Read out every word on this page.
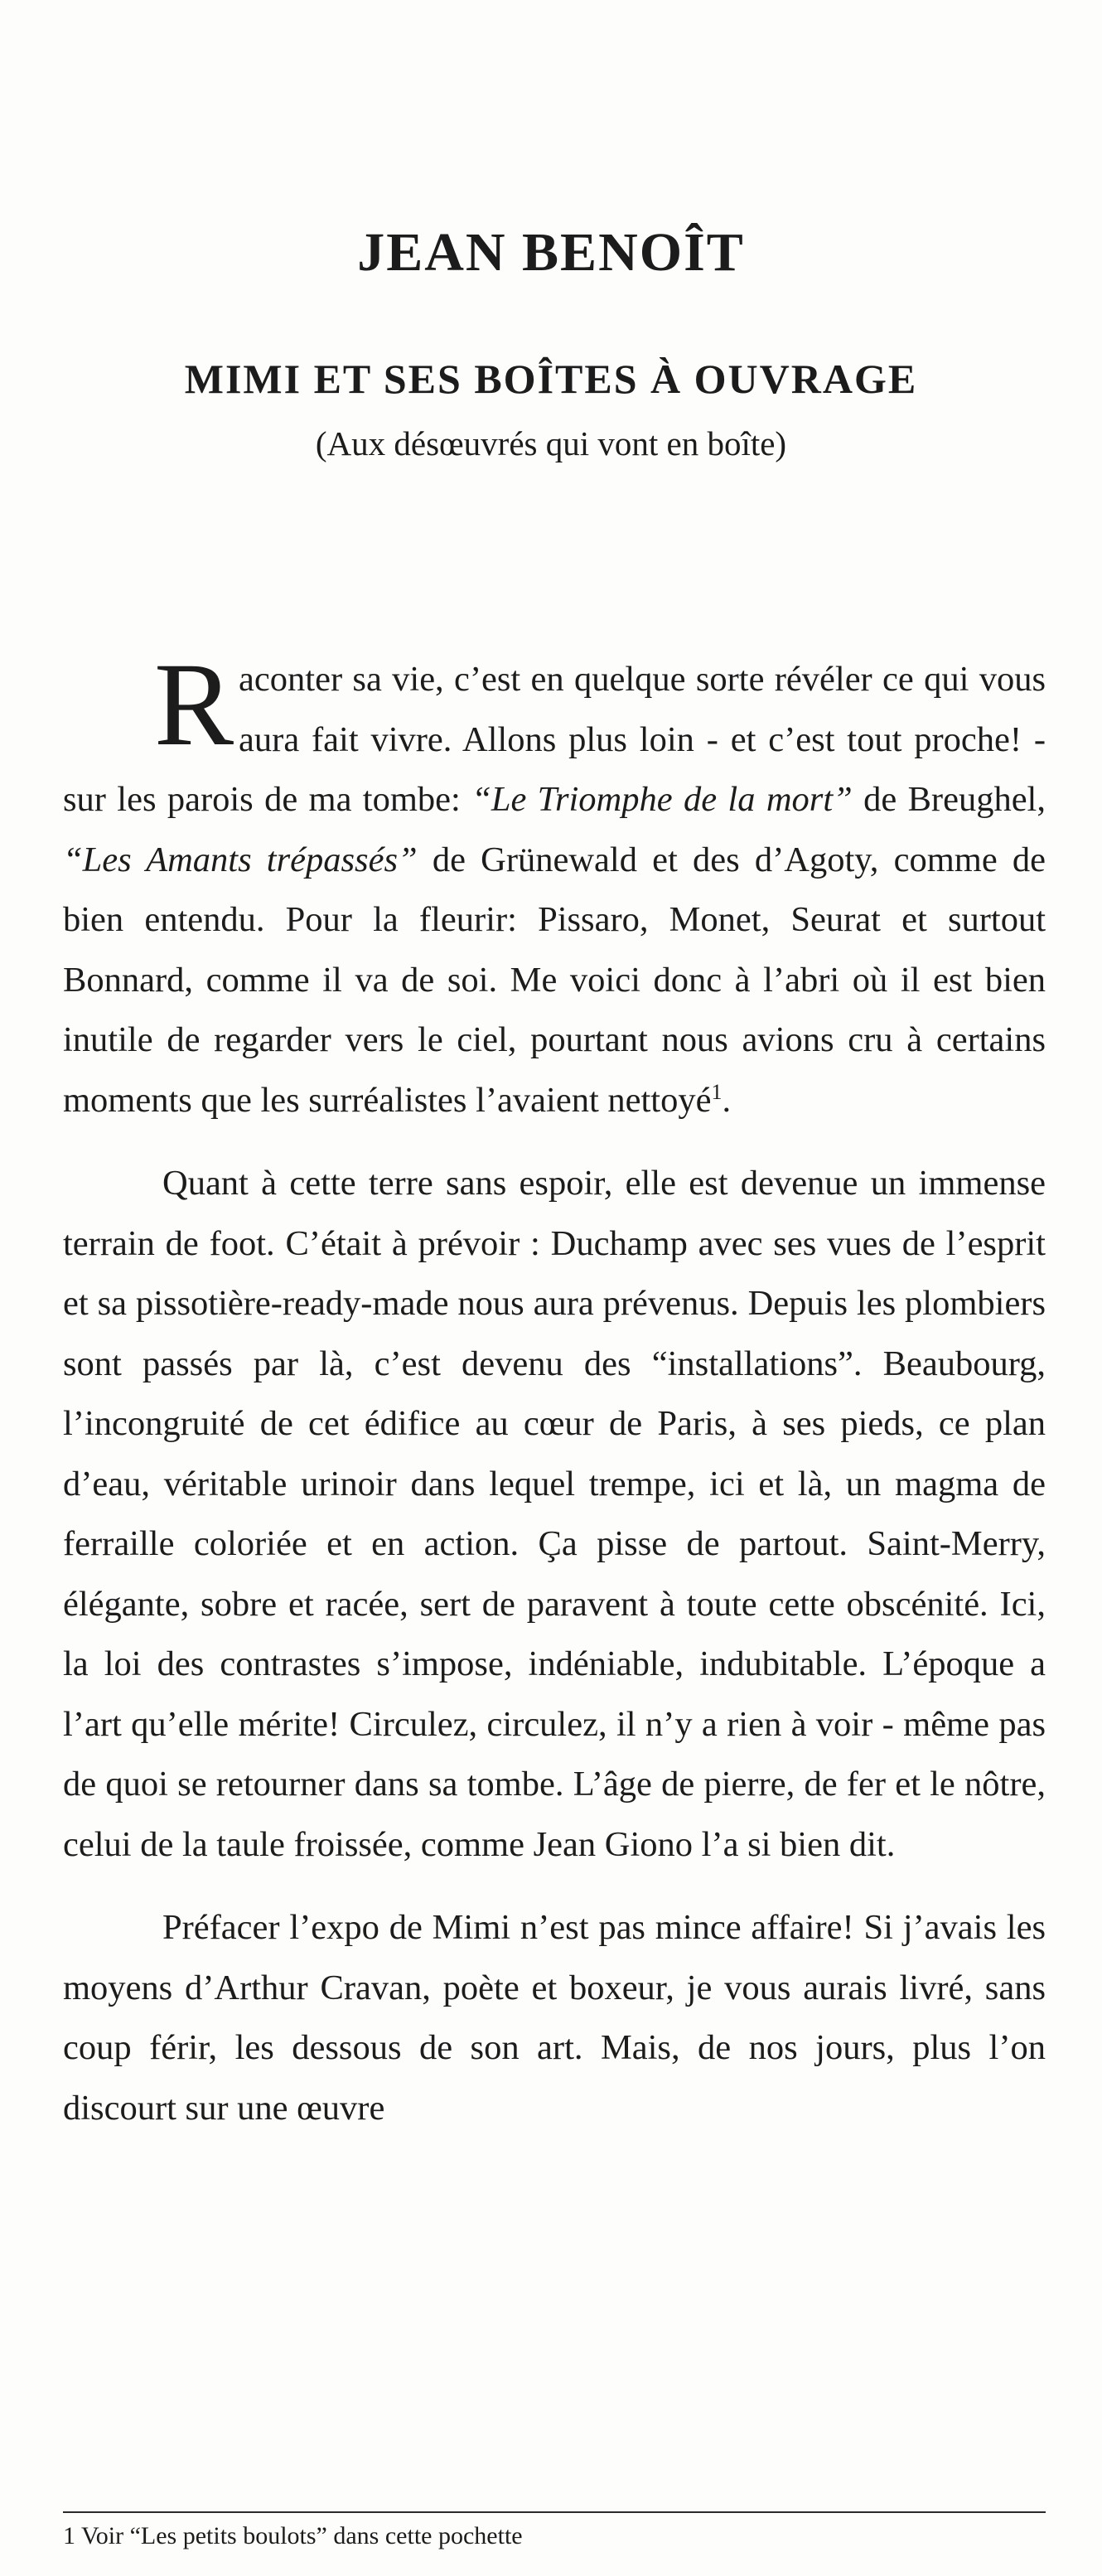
JEAN BENOÎT
MIMI ET SES BOÎTES À OUVRAGE
(Aux désœuvrés qui vont en boîte)

Raconter sa vie, c’est en quelque sorte révéler ce qui vous aura fait vivre. Allons plus loin - et c’est tout proche! - sur les parois de ma tombe: “Le Triomphe de la mort” de Breughel, “Les Amants trépassés” de Grünewald et des d’Agoty, comme de bien entendu. Pour la fleurir: Pissaro, Monet, Seurat et surtout Bonnard, comme il va de soi. Me voici donc à l’abri où il est bien inutile de regarder vers le ciel, pourtant nous avions cru à certains moments que les surréalistes l’avaient nettoyé$^1$.

Quant à cette terre sans espoir, elle est devenue un immense terrain de foot. C’était à prévoir : Duchamp avec ses vues de l’esprit et sa pissotière-ready-made nous aura prévenus. Depuis les plombiers sont passés par là, c’est devenu des “installations”. Beaubourg, l’incongruité de cet édifice au cœur de Paris, à ses pieds, ce plan d’eau, véritable urinoir dans lequel trempe, ici et là, un magma de ferraille coloriée et en action. Ça pisse de partout. Saint-Merry, élégante, sobre et racée, sert de paravent à toute cette obscénité. Ici, la loi des contrastes s’impose, indéniable, indubitable. L’époque a l’art qu’elle mérite! Circulez, circulez, il n’y a rien à voir - même pas de quoi se retourner dans sa tombe. L’âge de pierre, de fer et le nôtre, celui de la taule froissée, comme Jean Giono l’a si bien dit.

Préfacer l’expo de Mimi n’est pas mince affaire! Si j’avais les moyens d’Arthur Cravan, poète et boxeur, je vous aurais livré, sans coup férir, les dessous de son art. Mais, de nos jours, plus l’on discourt sur une œuvre

1 Voir “Les petits boulots” dans cette pochette
